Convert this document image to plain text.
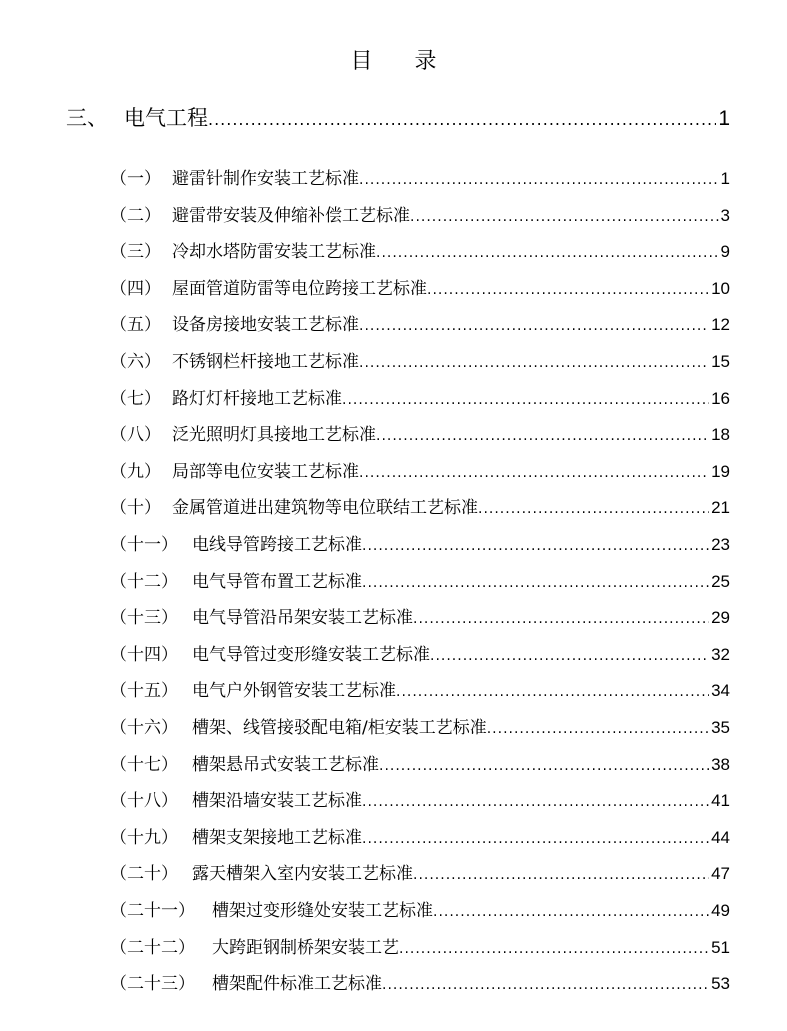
目 录
三、 电气工程 .....	1
（一） 避雷针制作安装工艺标准 .....	1
（二） 避雷带安装及伸缩补偿工艺标准 .....	3
（三） 冷却水塔防雷安装工艺标准 .....	9
（四） 屋面管道防雷等电位跨接工艺标准 .....	10
（五） 设备房接地安装工艺标准 .....	12
（六） 不锈钢栏杆接地工艺标准 .....	15
（七） 路灯灯杆接地工艺标准 .....	16
（八） 泛光照明灯具接地工艺标准 .....	18
（九） 局部等电位安装工艺标准 .....	19
（十） 金属管道进出建筑物等电位联结工艺标准 .....	21
（十一） 电线导管跨接工艺标准 .....	23
（十二） 电气导管布置工艺标准 .....	25
（十三） 电气导管沿吊架安装工艺标准 .....	29
（十四） 电气导管过变形缝安装工艺标准 .....	32
（十五） 电气户外钢管安装工艺标准 .....	34
（十六） 槽架、线管接驳配电箱/柜安装工艺标准 .....	35
（十七） 槽架悬吊式安装工艺标准 .....	38
（十八） 槽架沿墙安装工艺标准 .....	41
（十九） 槽架支架接地工艺标准 .....	44
（二十） 露天槽架入室内安装工艺标准 .....	47
（二十一）	槽架过变形缝处安装工艺标准 .....	49
（二十二）	大跨距钢制桥架安装工艺 .....	51
（二十三）	槽架配件标准工艺标准 .....	53
